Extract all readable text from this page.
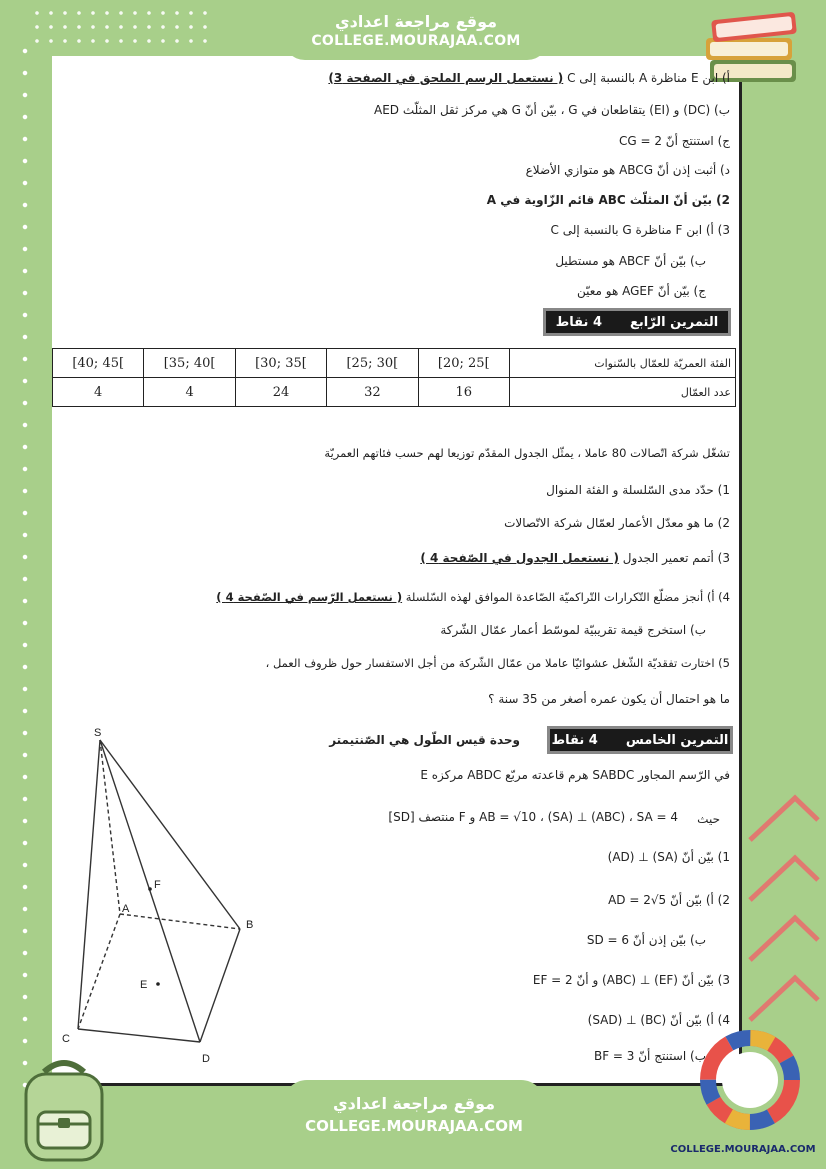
موقع مراجعة اعدادي
COLLEGE.MOURAJAA.COM
أ) ابن E مناظرة A بالنسبة إلى C ( نستعمل الرسم الملحق في الصفحة 3)
ب) (DC) و (EI) يتقاطعان في G ، بيّن أنّ G هي مركز ثقل المثلّث AED
ج) استنتج أنّ CG = 2
د) أثبت إذن أنّ ABCG هو متوازي الأضلاع
2) بيّن أنّ المثلّث ABC قائم الزّاوية في A
3) أ) ابن F مناظرة G بالنسبة إلى C
ب) بيّن أنّ ABCF هو مستطيل
ج) بيّن أنّ AGEF هو معيّن
التمرين الرّابع
4 نقاط
[40; 45[	[35; 40[	[30; 35[	[25; 30[	[20; 25[	الفئة العمريّة للعمّال بالسّنوات
4	4	24	32	16	عدد العمّال
تشغّل شركة اتّصالات 80 عاملا ، يمثّل الجدول المقدّم توزيعا لهم حسب فئاتهم العمريّة
1) حدّد مدى السّلسلة و الفئة المنوال
2) ما هو معدّل الأعمار لعمّال شركة الاتّصالات
3) أتمم تعمير الجدول ( نستعمل الجدول في الصّفحة 4 )
4) أ) أنجز مضلّع التّكرارات التّراكميّة الصّاعدة الموافق لهذه السّلسلة ( نستعمل الرّسم في الصّفحة 4 )
ب) استخرج قيمة تقريبيّة لموسّط أعمار عمّال الشّركة
5) اختارت تفقديّة الشّغل عشوائيّا عاملا من عمّال الشّركة من أجل الاستفسار حول ظروف العمل ،
ما هو احتمال أن يكون عمره أصغر من 35 سنة ؟
التمرين الخامس
4 نقاط
وحدة قيس الطّول هي الصّنتيمتر
في الرّسم المجاور SABDC هرم قاعدته مربّع ABDC مركزه E
حيث
AB = √10 ، (SA) ⊥ (ABC) ، SA = 4 و F منتصف [SD]
1) بيّن أنّ (SA) ⊥ (AD)
2) أ) بيّن أنّ AD = 2√5
ب) بيّن إذن أنّ SD = 6
3) بيّن أنّ (EF) ⊥ (ABC) و أنّ EF = 2
4) أ) بيّن أنّ (BC) ⊥ (SAD)
ب) استنتج أنّ BF = 3
S
A
B
C
D
E
F
COLLEGE.MOURAJAA.COM
موقع مراجعة اعدادي
COLLEGE.MOURAJAA.COM
